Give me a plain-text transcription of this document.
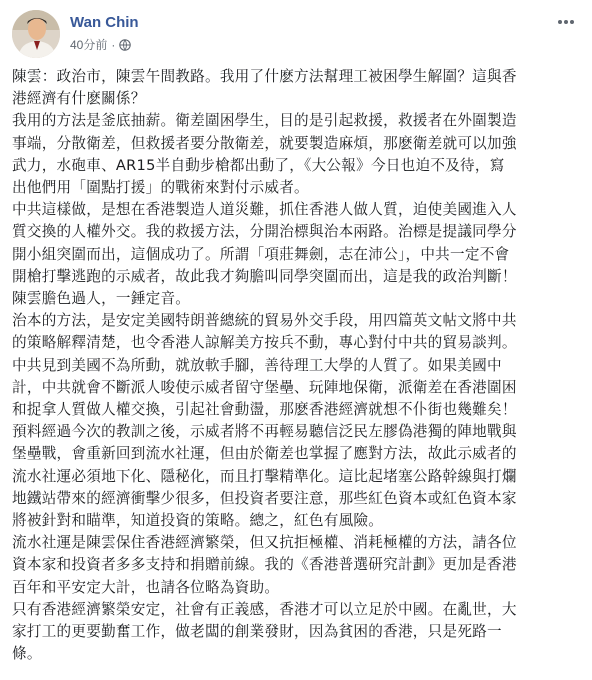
Wan Chin
40分前 ·

陳雲：政治市，陳雲午間教路。我用了什麽方法幫理工被困學生解圍？這與香
港經濟有什麽關係？

我用的方法是釜底抽薪。衛差圍困學生，目的是引起救援，救援者在外圍製造
事端，分散衛差，但救援者要分散衛差，就要製造麻煩，那麽衛差就可以加強
武力，水砲車、AR15半自動步槍都出動了，《大公報》今日也迫不及待，寫
出他們用「圍點打援」的戰術來對付示威者。

中共這樣做，是想在香港製造人道災難，抓住香港人做人質，迫使美國進入人
質交換的人權外交。我的救援方法，分開治標與治本兩路。治標是提議同學分
開小組突圍而出，這個成功了。所謂「項莊舞劍，志在沛公」，中共一定不會
開槍打擊逃跑的示威者，故此我才夠膽叫同學突圍而出，這是我的政治判斷！
陳雲膽色過人，一錘定音。

治本的方法，是安定美國特朗普總統的貿易外交手段，用四篇英文帖文將中共
的策略解釋清楚，也令香港人諒解美方按兵不動，專心對付中共的貿易談判。
中共見到美國不為所動，就放軟手腳，善待理工大學的人質了。如果美國中
計，中共就會不斷派人唆使示威者留守堡壘、玩陣地保衛，派衛差在香港圍困
和捉拿人質做人權交換，引起社會動盪，那麽香港經濟就想不仆街也幾難矣！
預料經過今次的教訓之後，示威者將不再輕易聽信泛民左膠偽港獨的陣地戰與
堡壘戰，會重新回到流水社運，但由於衛差也掌握了應對方法，故此示威者的
流水社運必須地下化、隱秘化，而且打擊精準化。這比起堵塞公路幹線與打爛
地鐵站帶來的經濟衝擊少很多，但投資者要注意，那些紅色資本或紅色資本家
將被針對和瞄準，知道投資的策略。總之，紅色有風險。

流水社運是陳雲保住香港經濟繁榮，但又抗拒極權、消耗極權的方法，請各位
資本家和投資者多多支持和捐贈前線。我的《香港普選研究計劃》更加是香港
百年和平安定大計，也請各位略為資助。

只有香港經濟繁榮安定，社會有正義感，香港才可以立足於中國。在亂世，大
家打工的更要勤奮工作，做老闆的創業發財，因為貧困的香港，只是死路一
條。
